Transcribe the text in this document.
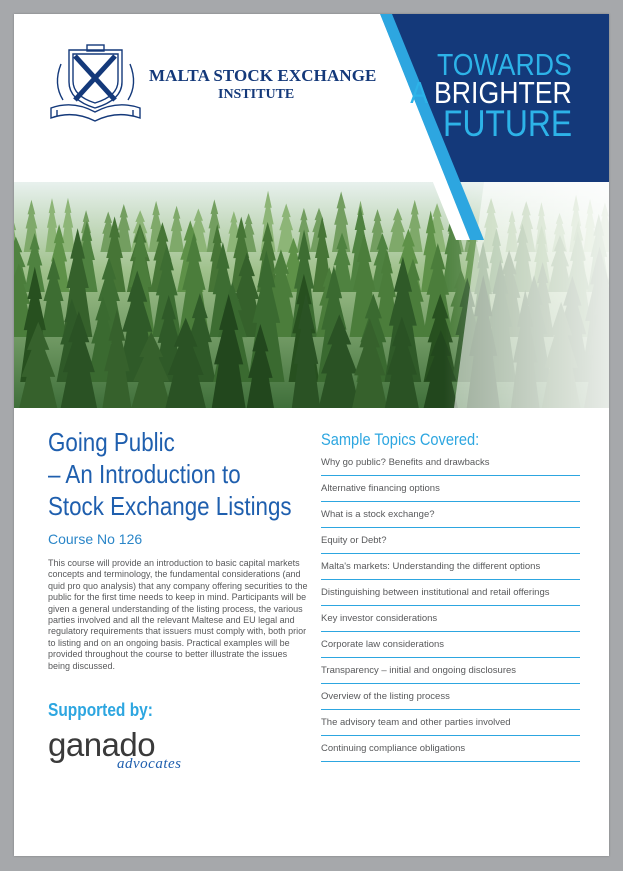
MALTA STOCK EXCHANGE
INSTITUTE
TOWARDS
A BRIGHTER
FUTURE
Going Public
– An Introduction to
Stock Exchange Listings
Course No 126
This course will provide an introduction to basic capital markets concepts and terminology, the fundamental considerations (and quid pro quo analysis) that any company offering securities to the public for the first time needs to keep in mind. Participants will be given a general understanding of the listing process, the various parties involved and all the relevant Maltese and EU legal and regulatory requirements that issuers must comply with, both prior to listing and on an ongoing basis. Practical examples will be provided throughout the course to better illustrate the issues being discussed.
Supported by:
ganado
advocates
Sample Topics Covered:
Why go public? Benefits and drawbacks
Alternative financing options
What is a stock exchange?
Equity or Debt?
Malta's markets: Understanding the different options
Distinguishing between institutional and retail offerings
Key investor considerations
Corporate law considerations
Transparency – initial and ongoing disclosures
Overview of the listing process
The advisory team and other parties involved
Continuing compliance obligations
